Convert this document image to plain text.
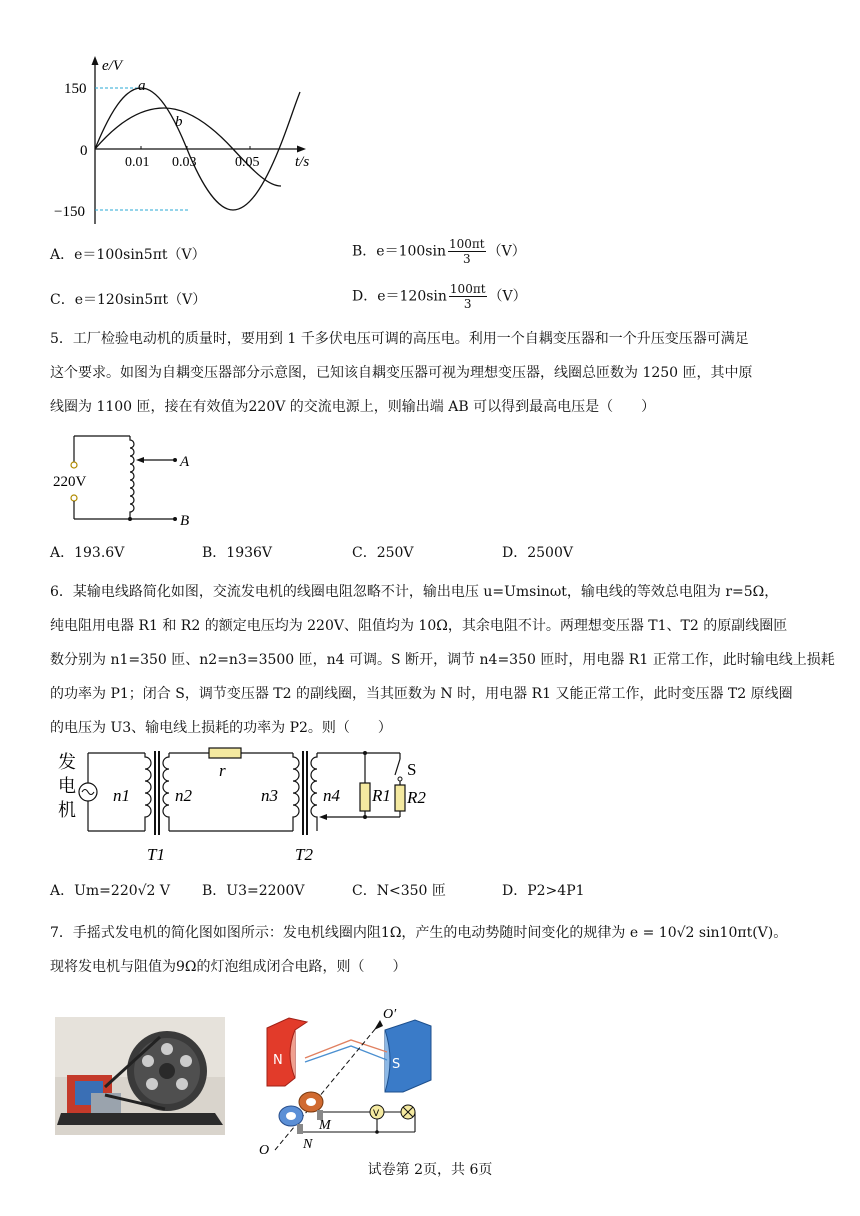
e/V
t/s
150
0
−150
0.01 0.03	0.05
a
b
A．e＝100sin5πt（V）	B．$e=100\sin \frac{100\pi t}{3} (V)$
C．e＝120sin5πt（V）	D．$e=120\sin \frac{100\pi t}{3} (V)$
5．工厂检验电动机的质量时，要用到 1 千多伏电压可调的高压电。利用一个自耦变压器和一个升压变压器可满足
这个要求。如图为自耦变压器部分示意图，已知该自耦变压器可视为理想变压器，线圈总匝数为 1250 匝，其中原
线圈为 1100 匝，接在有效值为220V 的交流电源上，则输出端 AB 可以得到最高电压是（　　）
220V
A
B
A．193.6V	B．1936V	C．250V	D．2500V
6．某输电线路简化如图，交流发电机的线圈电阻忽略不计，输出电压 u=Umsinωt，输电线的等效总电阻为 r=5Ω，
纯电阻用电器 R1 和 R2 的额定电压均为 220V、阻值均为 10Ω，其余电阻不计。两理想变压器 T1、T2 的原副线圈匝
数分别为 n1=350 匝、n2=n3=3500 匝，n4 可调。S 断开，调节 n4=350 匝时，用电器 R1 正常工作，此时输电线上损耗
的功率为 P1；闭合 S，调节变压器 T2 的副线圈，当其匝数为 N 时，用电器 R1 又能正常工作，此时变压器 T2 原线圈
的电压为 U3、输电线上损耗的功率为 P2。则（　　）
发
电
机
n1	n2	n3	n4
r
R1 R2
S
T1	T2
A．Um=220√2 V B．U3=2200V	C．N<350 匝	D．P2>4P1
7．手摇式发电机的简化图如图所示：发电机线圈内阻1Ω，产生的电动势随时间变化的规律为 e = 10√2 sin10πt(V)。
现将发电机与阻值为9Ω的灯泡组成闭合电路，则（　　）
N	S
O′
V
M
N
O
试卷第 2页，共 6页
